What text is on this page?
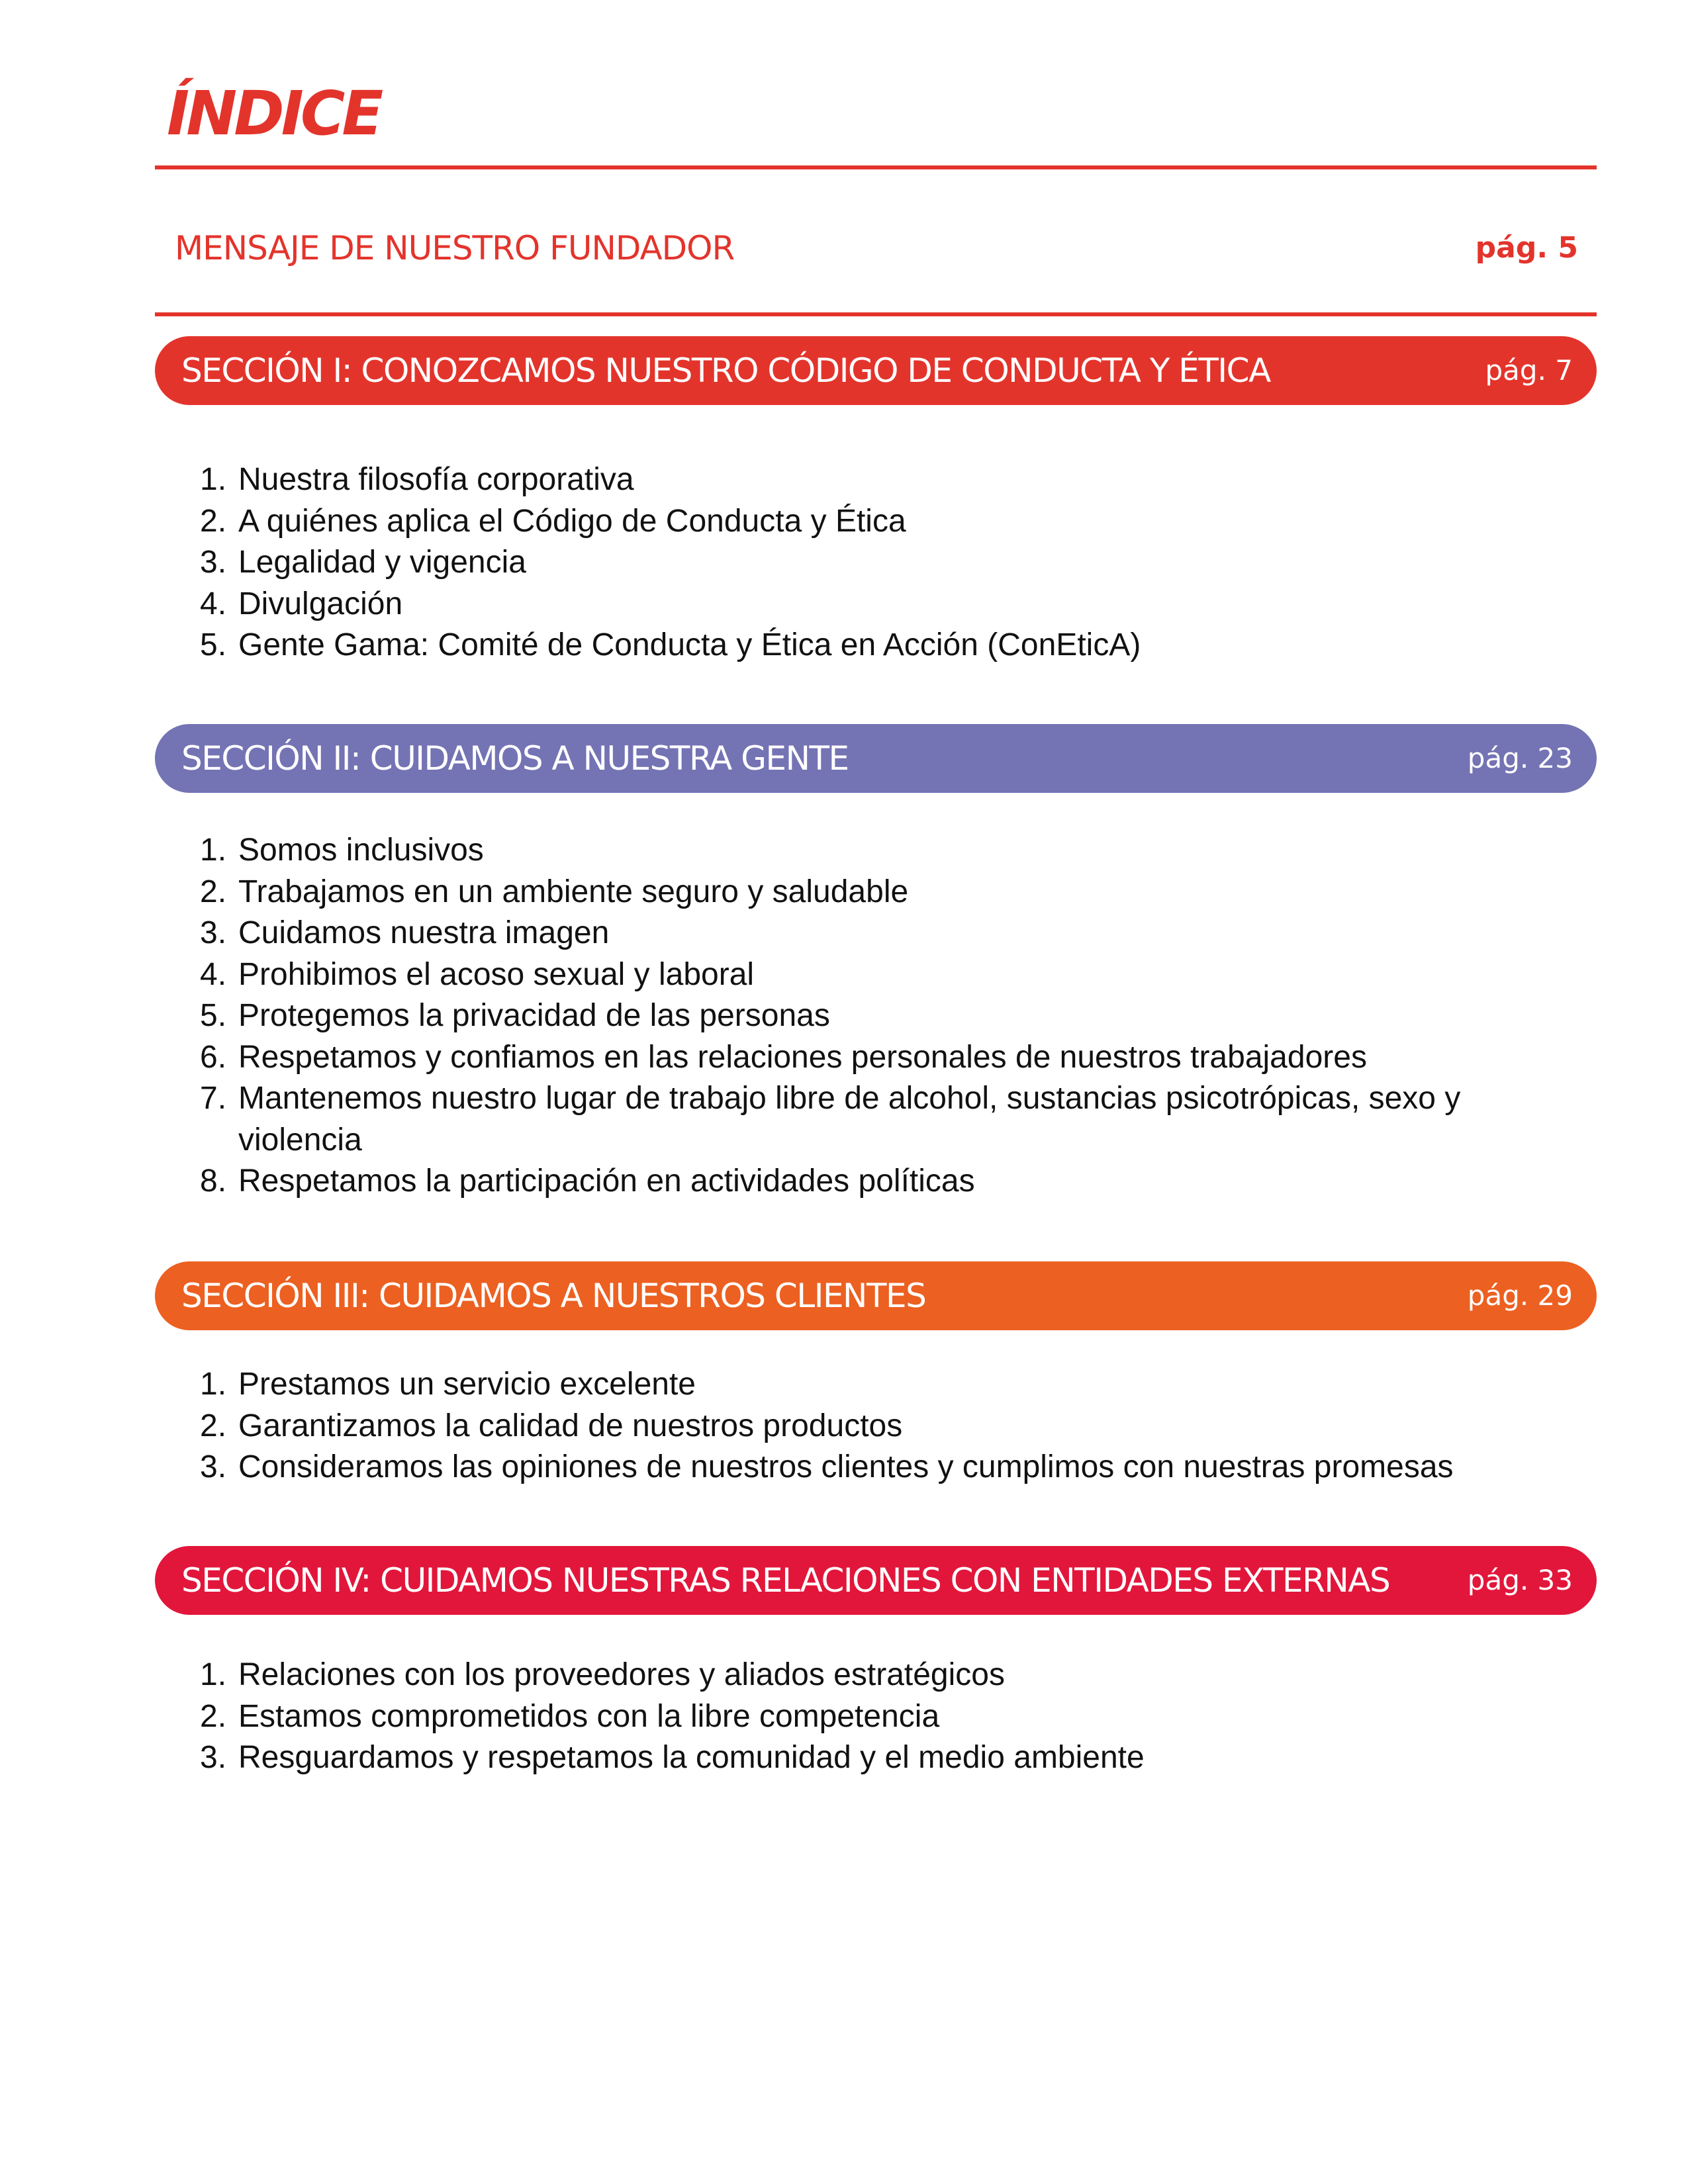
ÍNDICE
MENSAJE DE NUESTRO FUNDADOR	pág. 5
SECCIÓN I: CONOZCAMOS NUESTRO CÓDIGO DE CONDUCTA Y ÉTICA	pág. 7
1. Nuestra filosofía corporativa
2. A quiénes aplica el Código de Conducta y Ética
3. Legalidad y vigencia
4. Divulgación
5. Gente Gama: Comité de Conducta y Ética en Acción (ConEticA)
SECCIÓN II: CUIDAMOS A NUESTRA GENTE	pág. 23
1. Somos inclusivos
2. Trabajamos en un ambiente seguro y saludable
3. Cuidamos nuestra imagen
4. Prohibimos el acoso sexual y laboral
5. Protegemos la privacidad de las personas
6. Respetamos y confiamos en las relaciones personales de nuestros trabajadores
7. Mantenemos nuestro lugar de trabajo libre de alcohol, sustancias psicotrópicas, sexo y violencia
8. Respetamos la participación en actividades políticas
SECCIÓN III: CUIDAMOS A NUESTROS CLIENTES	pág. 29
1. Prestamos un servicio excelente
2. Garantizamos la calidad de nuestros productos
3. Consideramos las opiniones de nuestros clientes y cumplimos con nuestras promesas
SECCIÓN IV: CUIDAMOS NUESTRAS RELACIONES CON ENTIDADES EXTERNAS	pág. 33
1. Relaciones con los proveedores y aliados estratégicos
2. Estamos comprometidos con la libre competencia
3. Resguardamos y respetamos la comunidad y el medio ambiente
